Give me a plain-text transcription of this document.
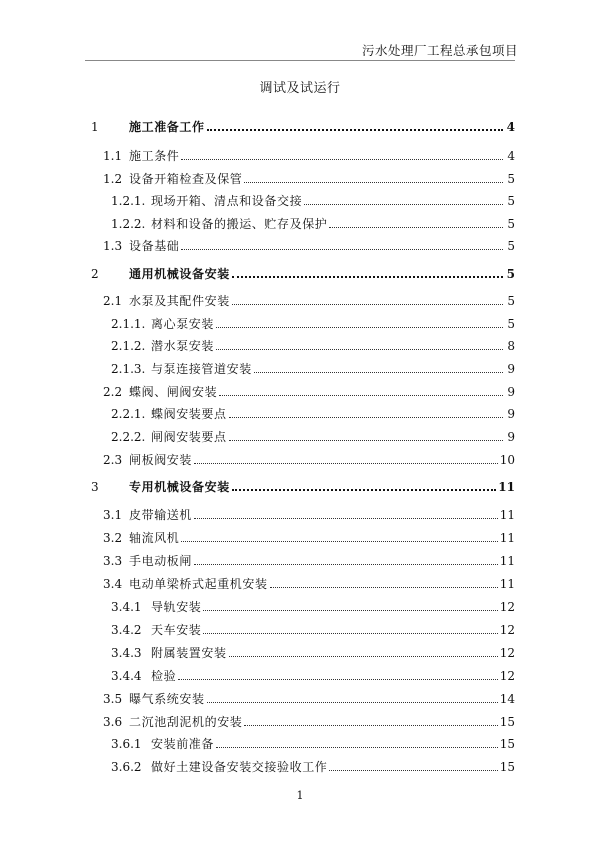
污水处理厂工程总承包项目
调试及试运行
1	施工准备工作	4
1.1 施工条件	4
1.2 设备开箱检查及保管	5
1.2.1. 现场开箱、清点和设备交接	5
1.2.2. 材料和设备的搬运、贮存及保护	5
1.3 设备基础	5
2	通用机械设备安装	5
2.1 水泵及其配件安装	5
2.1.1. 离心泵安装	5
2.1.2. 潜水泵安装	8
2.1.3. 与泵连接管道安装	9
2.2 蝶阀、闸阀安装	9
2.2.1. 蝶阀安装要点	9
2.2.2. 闸阀安装要点	9
2.3 闸板阀安装	10
3	专用机械设备安装	11
3.1 皮带输送机	11
3.2 轴流风机	11
3.3 手电动板闸	11
3.4 电动单梁桥式起重机安装	11
3.4.1 导轨安装	12
3.4.2 天车安装	12
3.4.3 附属装置安装	12
3.4.4 检验	12
3.5 曝气系统安装	14
3.6 二沉池刮泥机的安装	15
3.6.1 安装前准备	15
3.6.2 做好土建设备安装交接验收工作	15
1
